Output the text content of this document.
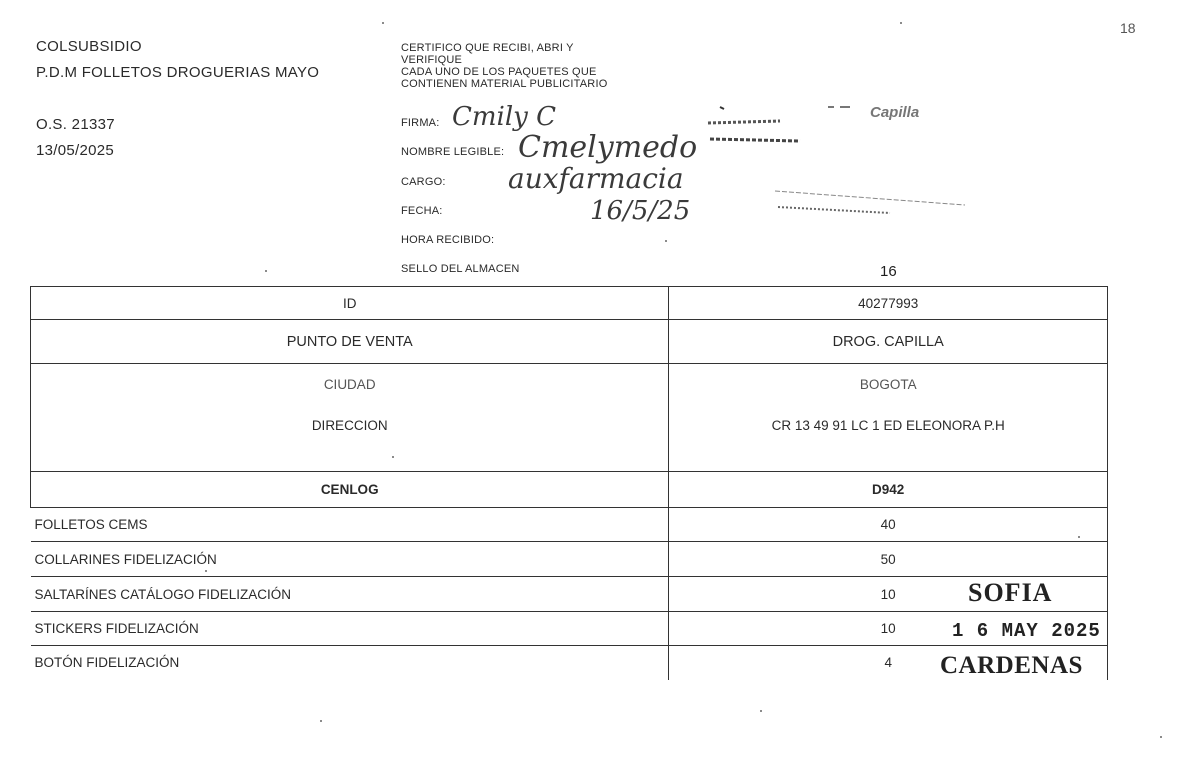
COLSUBSIDIO
P.D.M FOLLETOS DROGUERIAS MAYO
O.S. 21337
13/05/2025
CERTIFICO QUE RECIBI, ABRI Y
VERIFIQUE
CADA UNO DE LOS PAQUETES QUE
CONTIENEN MATERIAL PUBLICITARIO
FIRMA:
NOMBRE LEGIBLE:
CARGO:
FECHA:
HORA RECIBIDO:
SELLO DEL ALMACEN
Cmily C
Cmelymedo
auxfarmacia
16/5/25
Capilla
16
18
ID	40277993
PUNTO DE VENTA	DROG. CAPILLA
CIUDAD	BOGOTA
DIRECCION	CR 13 49 91 LC 1 ED ELEONORA P.H
CENLOG	D942
FOLLETOS CEMS	40
COLLARINES FIDELIZACIÓN	50
SALTARÍNES CATÁLOGO FIDELIZACIÓN	10
STICKERS FIDELIZACIÓN	10
BOTÓN FIDELIZACIÓN	4
SOFIA
1 6 MAY 2025
CARDENAS
